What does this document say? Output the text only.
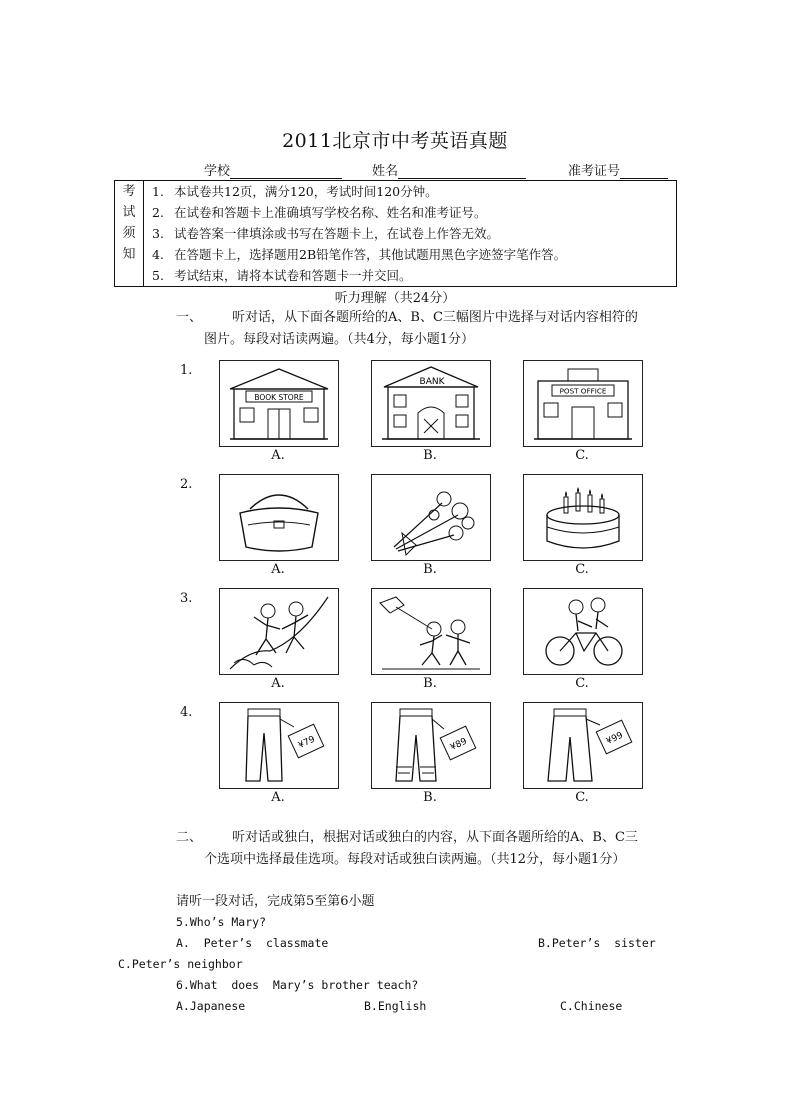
2011北京市中考英语真题
学校	姓名	准考证号
考
试
须
知

1. 本试卷共12页，满分120，考试时间120分钟。
2. 在试卷和答题卡上准确填写学校名称、姓名和准考证号。
3. 试卷答案一律填涂或书写在答题卡上，在试卷上作答无效。
4. 在答题卡上，选择题用2B铅笔作答，其他试题用黑色字迹签字笔作答。
5. 考试结束，请将本试卷和答题卡一并交回。
听力理解（共24分）
一、 听对话，从下面各题所给的A、B、C三幅图片中选择与对话内容相符的
图片。每段对话读两遍。（共4分，每小题1分）
1.
BOOK STORE
BANK
POST OFFICE
A.	B.	C.
2.
A.	B.	C.
3.
A.	B.	C.
4.
¥79	¥89	¥99
A.	B.	C.
二、 听对话或独白，根据对话或独白的内容，从下面各题所给的A、B、C三
个选项中选择最佳选项。每段对话或独白读两遍。（共12分，每小题1分）
请听一段对话，完成第5至第6小题
5.Who’s Mary?
A.  Peter’s  classmate	B.Peter’s  sister
C.Peter’s neighbor
6.What  does  Mary’s brother teach?
A.Japanese	B.English	C.Chinese
